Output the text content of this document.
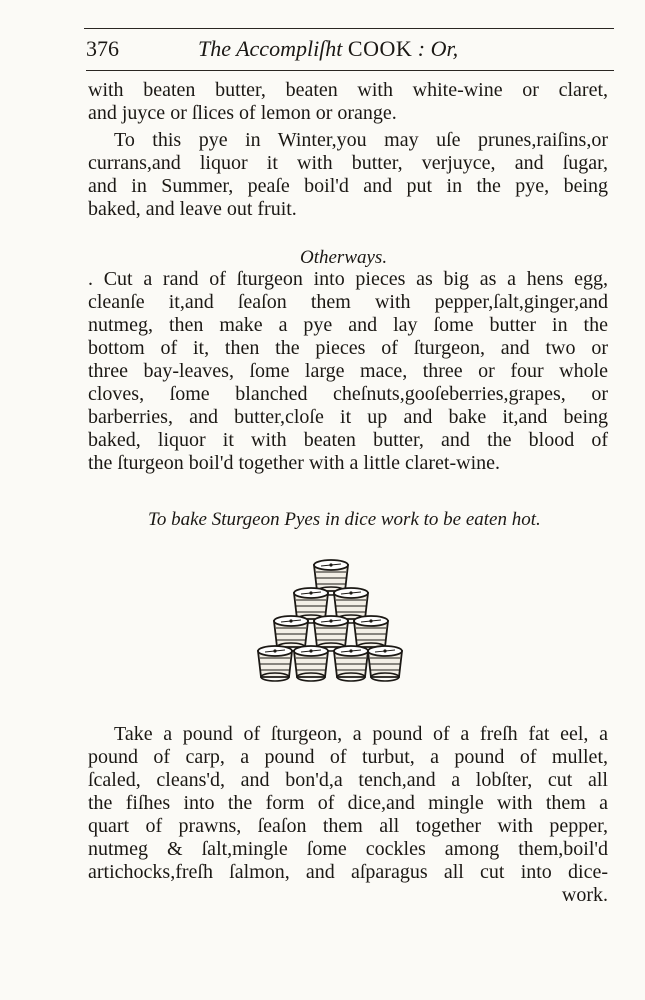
376	The Accompliſht COOK : Or,
with beaten butter, beaten with white-wine or claret,
and juyce or ſlices of lemon or orange.
To this pye in Winter,you may uſe prunes,raiſins,or
currans,and liquor it with butter, verjuyce, and ſugar,
and in Summer, peaſe boil'd and put in the pye, being
baked, and leave out fruit.
Otherways.
. Cut a rand of ſturgeon into pieces as big as a hens egg,
cleanſe it,and ſeaſon them with pepper,ſalt,ginger,and
nutmeg, then make a pye and lay ſome butter in the
bottom of it, then the pieces of ſturgeon, and two or
three bay-leaves, ſome large mace, three or four whole
cloves, ſome blanched cheſnuts,gooſeberries,grapes, or
barberries, and butter,cloſe it up and bake it,and being
baked, liquor it with beaten butter, and the blood of
the ſturgeon boil'd together with a little claret-wine.
To bake Sturgeon Pyes in dice work to be eaten hot.
Take a pound of ſturgeon, a pound of a freſh fat eel, a
pound of carp, a pound of turbut, a pound of mullet,
ſcaled, cleans'd, and bon'd,a tench,and a lobſter, cut all
the fiſhes into the form of dice,and mingle with them a
quart of prawns, ſeaſon them all together with pepper,
nutmeg & ſalt,mingle ſome cockles among them,boil'd
artichocks,freſh ſalmon, and aſparagus all cut into dice-
work.
